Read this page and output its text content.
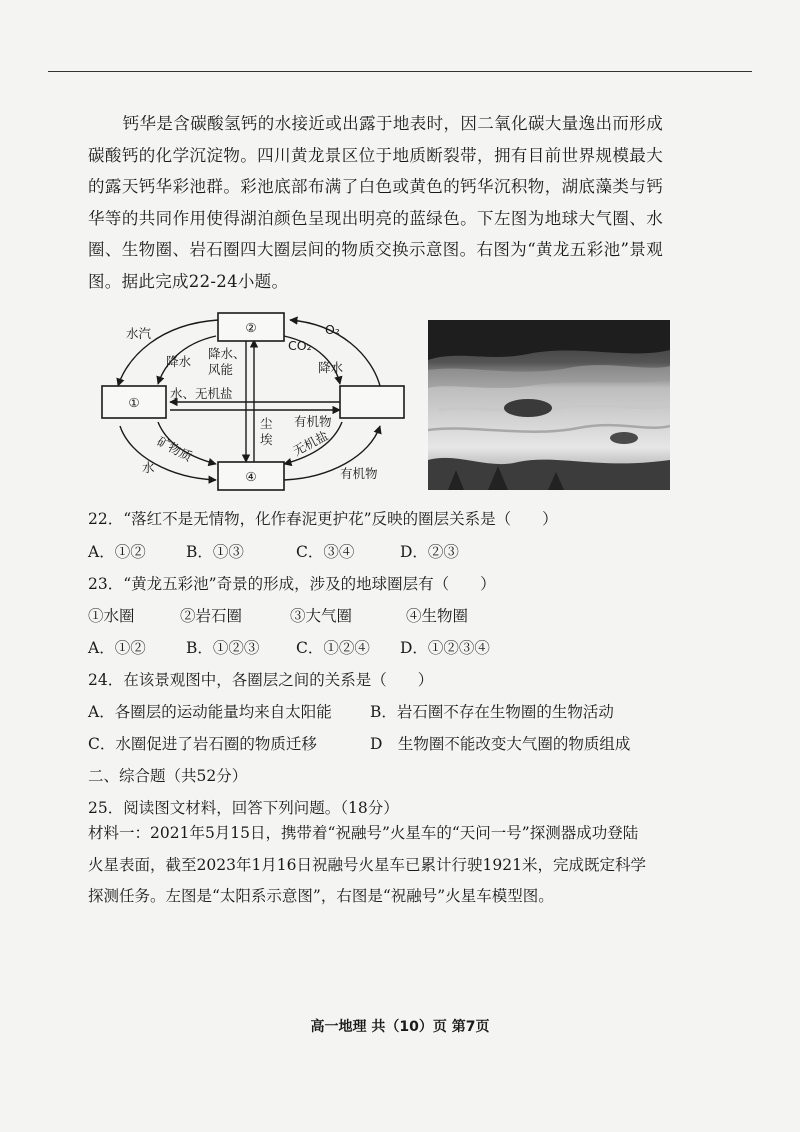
钙华是含碳酸氢钙的水接近或出露于地表时，因二氧化碳大量逸出而形成碳酸钙的化学沉淀物。四川黄龙景区位于地质断裂带，拥有目前世界规模最大的露天钙华彩池群。彩池底部布满了白色或黄色的钙华沉积物，湖底藻类与钙华等的共同作用使得湖泊颜色呈现出明亮的蓝绿色。下左图为地球大气圈、水圈、生物圈、岩石圈四大圈层间的物质交换示意图。右图为“黄龙五彩池”景观图。据此完成22-24小题。

②
①
④
水汽	O₂
CO₂
降水	降水
降水、
风能
水、无机盐
尘
埃
有机物
矿物质
水
无机盐
有机物
22．“落红不是无情物，化作春泥更护花”反映的圈层关系是（　　）
A．①②	B．①③	C．③④	D．②③
23．“黄龙五彩池”奇景的形成，涉及的地球圈层有（　　）
①水圈	②岩石圈	③大气圈	④生物圈
A．①②	B．①②③ C．①②④ D．①②③④
24．在该景观图中，各圈层之间的关系是（　　）
A．各圈层的运动能量均来自太阳能 B．岩石圈不存在生物圈的生物活动
C．水圈促进了岩石圈的物质迁移	D　生物圈不能改变大气圈的物质组成
二、综合题（共52分）
25．阅读图文材料，回答下列问题。（18分）

材料一：2021年5月15日，携带着“祝融号”火星车的“天问一号”探测器成功登陆火星表面，截至2023年1月16日祝融号火星车已累计行驶1921米，完成既定科学探测任务。左图是“太阳系示意图”，右图是“祝融号”火星车模型图。

高一地理 共（10）页 第7页
